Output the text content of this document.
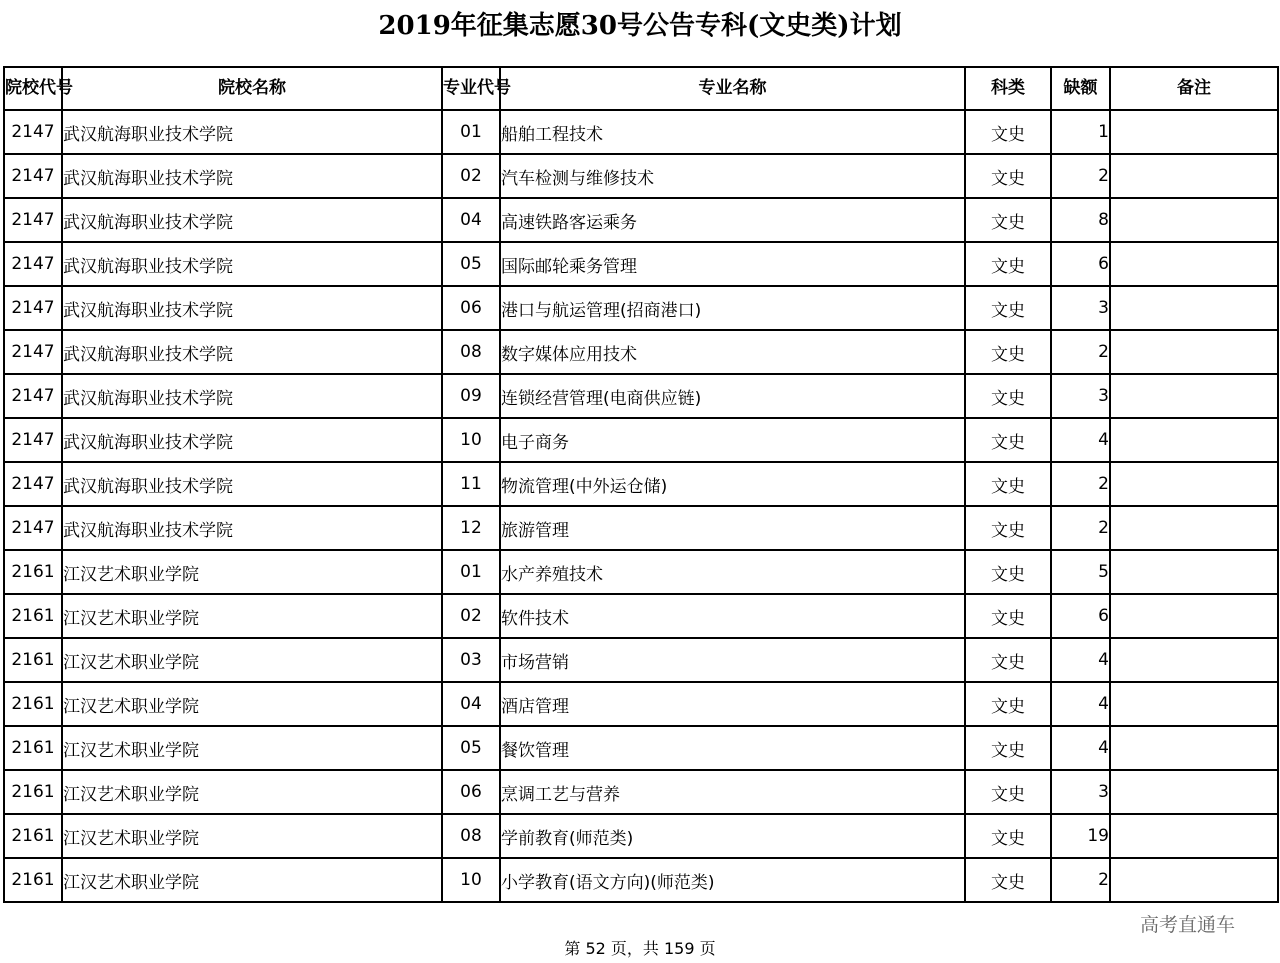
2019年征集志愿30号公告专科(文史类)计划
院校代号	院校名称	专业代号	专业名称	科类	缺额	备注
2147	武汉航海职业技术学院	01	船舶工程技术	文史	1	
2147	武汉航海职业技术学院	02	汽车检测与维修技术	文史	2	
2147	武汉航海职业技术学院	04	高速铁路客运乘务	文史	8	
2147	武汉航海职业技术学院	05	国际邮轮乘务管理	文史	6	
2147	武汉航海职业技术学院	06	港口与航运管理(招商港口)	文史	3	
2147	武汉航海职业技术学院	08	数字媒体应用技术	文史	2	
2147	武汉航海职业技术学院	09	连锁经营管理(电商供应链)	文史	3	
2147	武汉航海职业技术学院	10	电子商务	文史	4	
2147	武汉航海职业技术学院	11	物流管理(中外运仓储)	文史	2	
2147	武汉航海职业技术学院	12	旅游管理	文史	2	
2161	江汉艺术职业学院	01	水产养殖技术	文史	5	
2161	江汉艺术职业学院	02	软件技术	文史	6	
2161	江汉艺术职业学院	03	市场营销	文史	4	
2161	江汉艺术职业学院	04	酒店管理	文史	4	
2161	江汉艺术职业学院	05	餐饮管理	文史	4	
2161	江汉艺术职业学院	06	烹调工艺与营养	文史	3	
2161	江汉艺术职业学院	08	学前教育(师范类)	文史	19	
2161	江汉艺术职业学院	10	小学教育(语文方向)(师范类)	文史	2	
高考直通车
第 52 页，共 159 页
